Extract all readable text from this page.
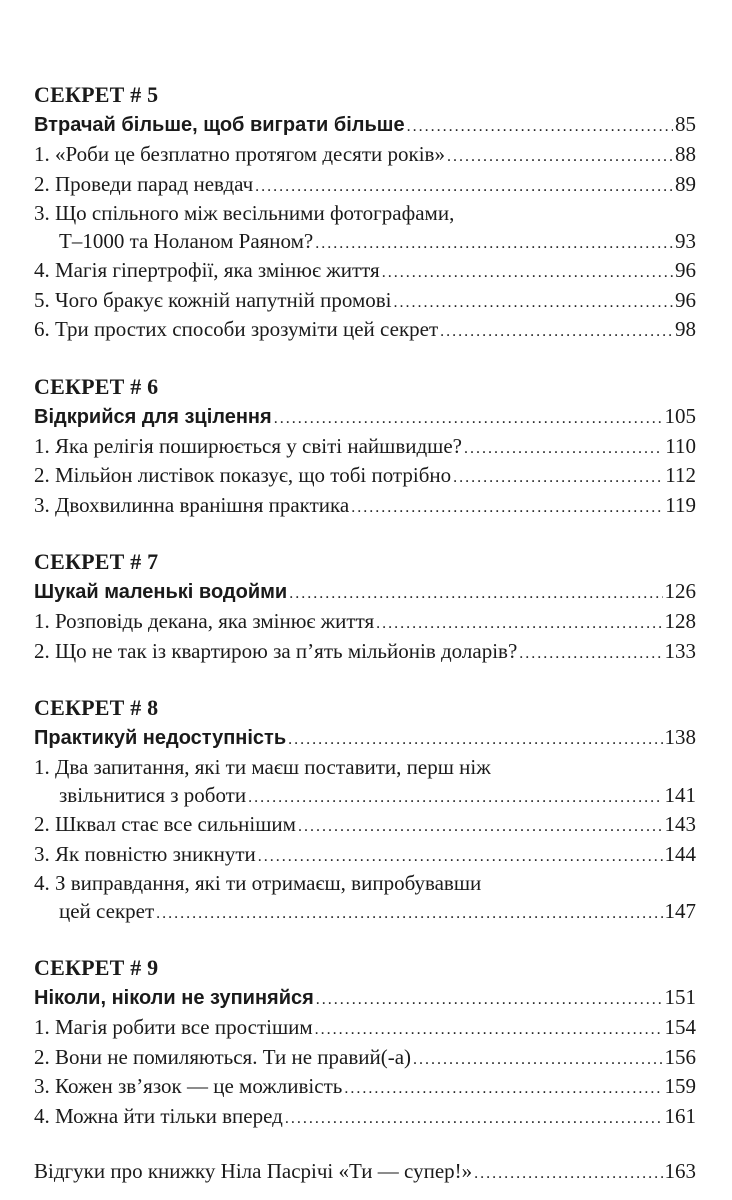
СЕКРЕТ # 5
Втрачай більше, щоб виграти більше .....	85
1. «Роби це безплатно протягом десяти років» .....	88
2. Проведи парад невдач .....	89
3. Що спільного між весільними фотографами,
Т–1000 та Ноланом Раяном? .....	93
4. Магія гіпертрофії, яка змінює життя .....	96
5. Чого бракує кожній напутній промові .....	96
6. Три простих способи зрозуміти цей секрет .....	98
СЕКРЕТ # 6
Відкрийся для зцілення .....	105
1. Яка релігія поширюється у світі найшвидше? .....	110
2. Мільйон листівок показує, що тобі потрібно .....	112
3. Двохвилинна вранішня практика .....	119
СЕКРЕТ # 7
Шукай маленькі водойми .....	126
1. Розповідь декана, яка змінює життя .....	128
2. Що не так із квартирою за п’ять мільйонів доларів? .....	133
СЕКРЕТ # 8
Практикуй недоступність .....	138
1. Два запитання, які ти маєш поставити, перш ніж
звільнитися з роботи .....	141
2. Шквал стає все сильнішим .....	143
3. Як повністю зникнути .....	144
4. З виправдання, які ти отримаєш, випробувавши
цей секрет .....	147
СЕКРЕТ # 9
Ніколи, ніколи не зупиняйся .....	151
1. Магія робити все простішим .....	154
2. Вони не помиляються. Ти не правий(-а) .....	156
3. Кожен зв’язок — це можливість .....	159
4. Можна йти тільки вперед .....	161
Відгуки про книжку Ніла Пасрічі «Ти — супер!» .....	163
